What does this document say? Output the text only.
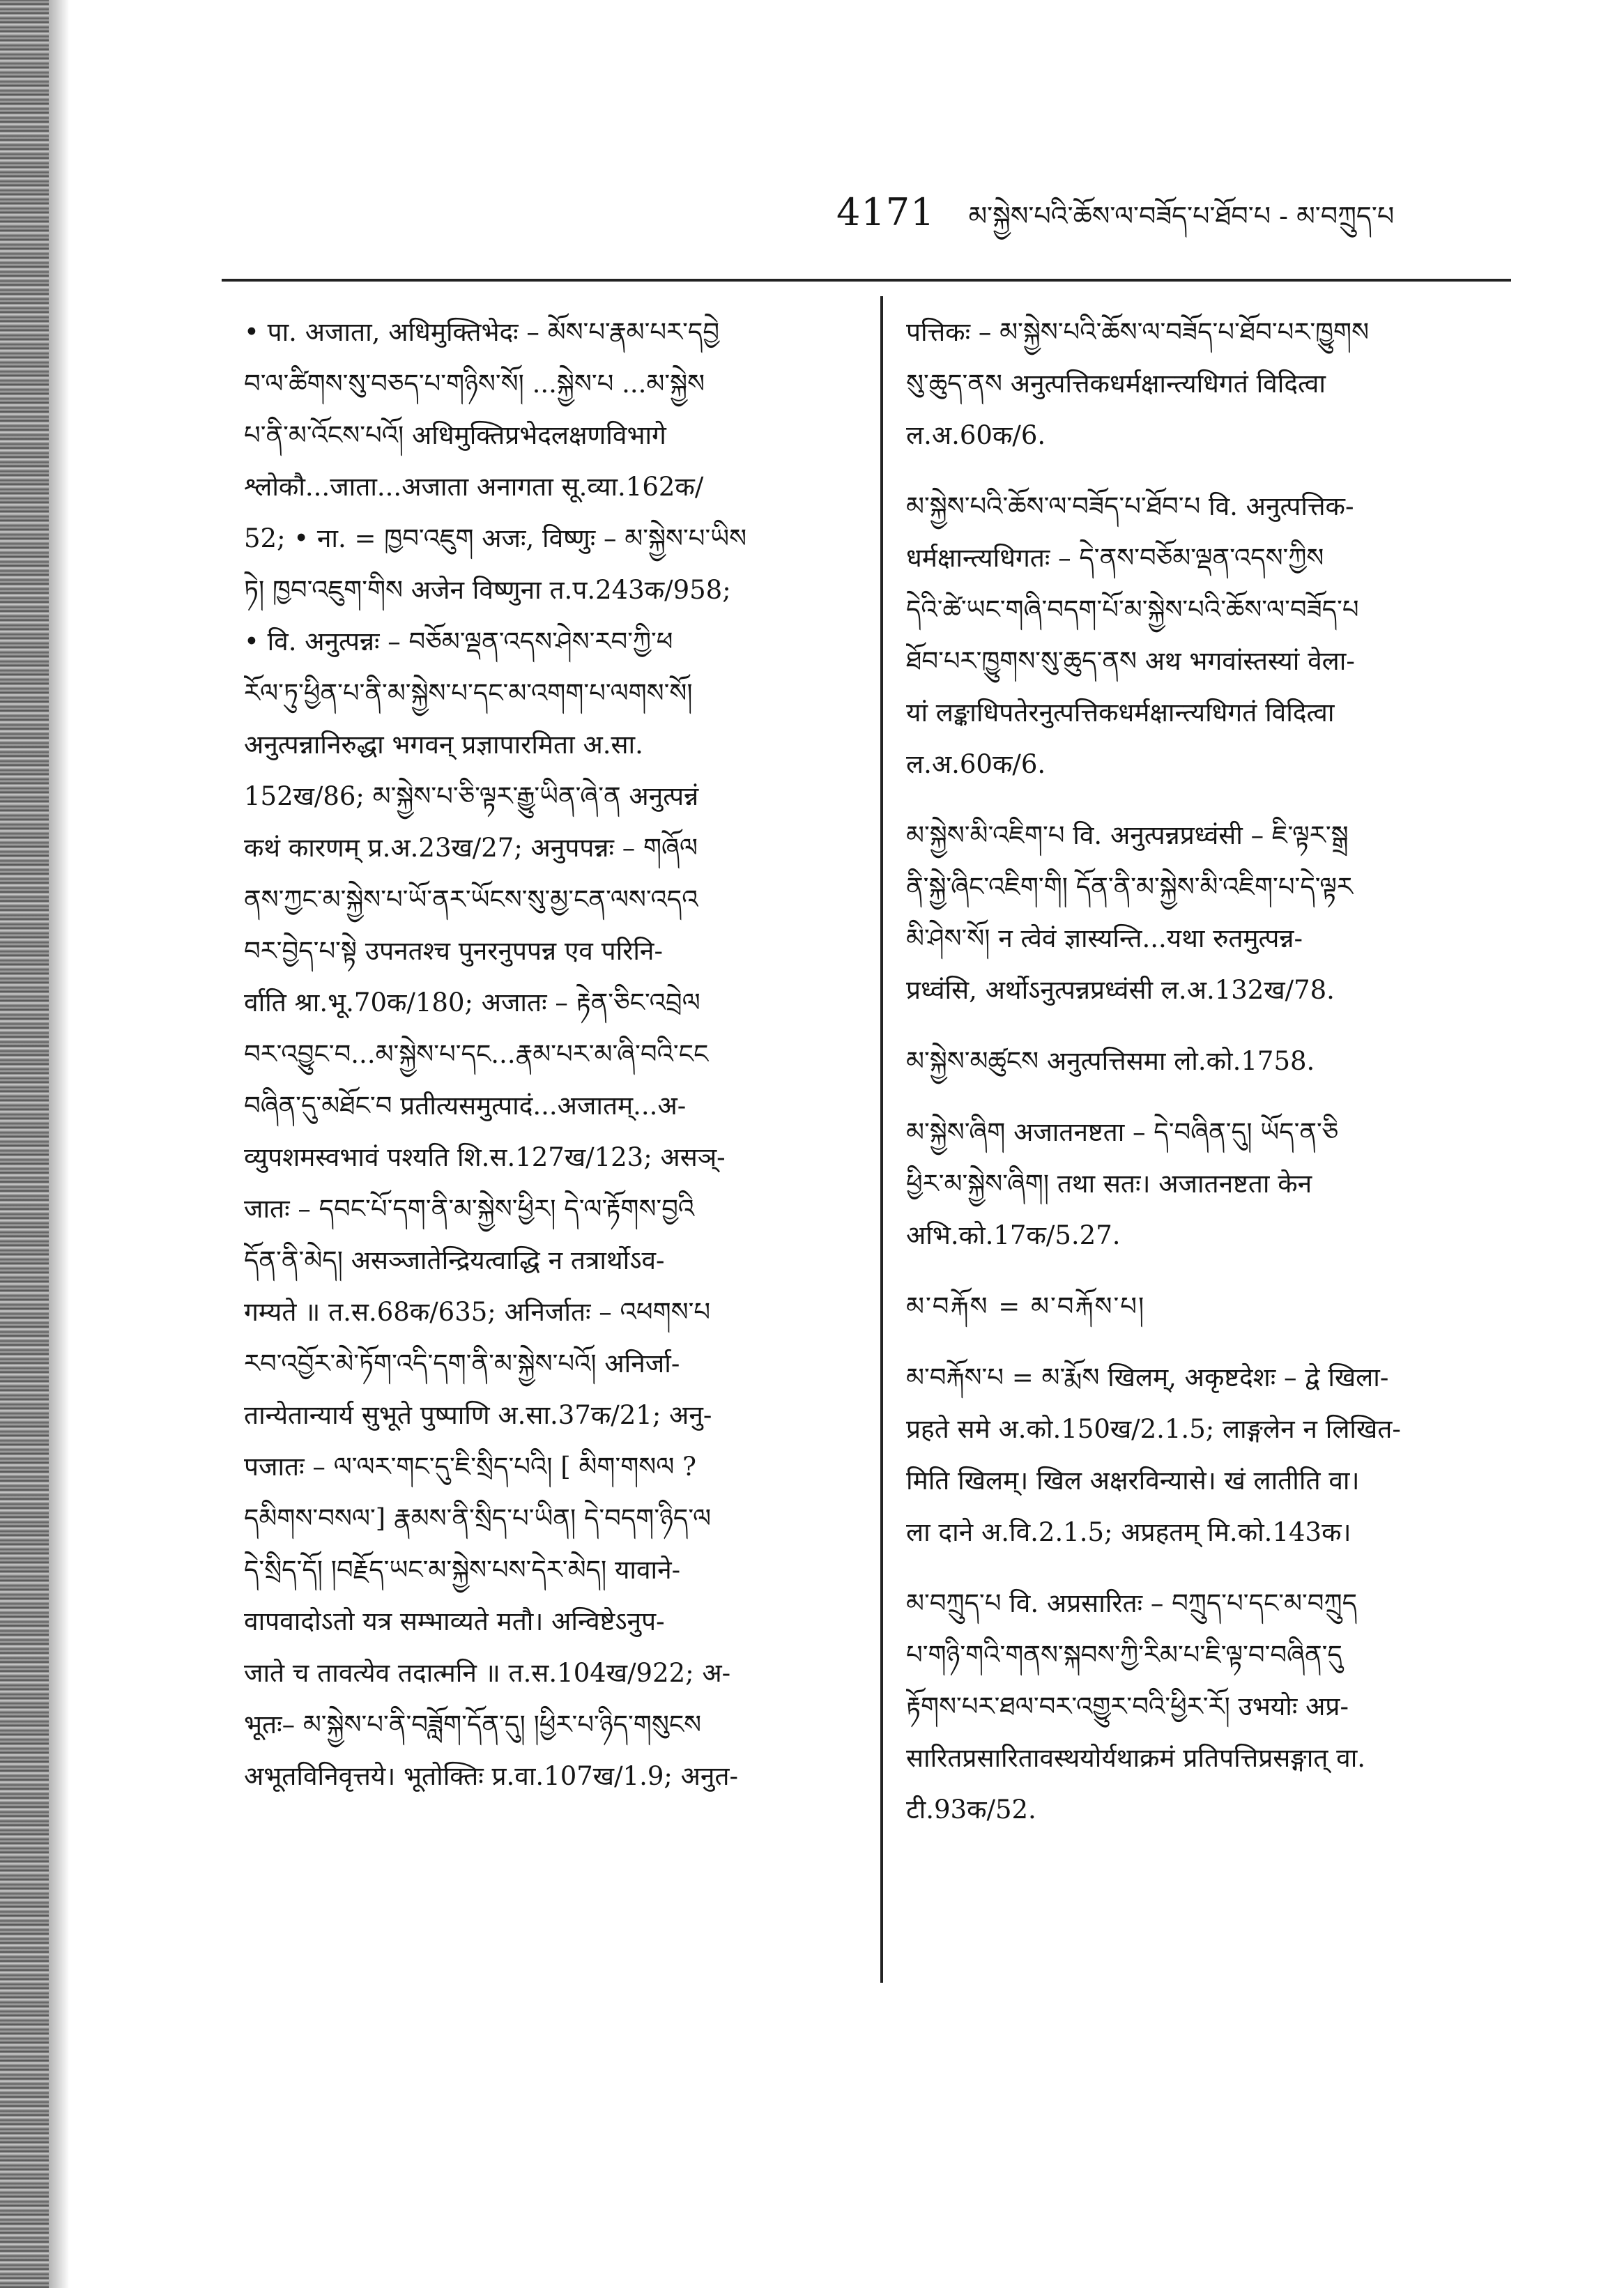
4171 མ་སྐྱེས་པའི་ཆོས་ལ་བཟོད་པ་ཐོབ་པ - མ་བཀྲུད་པ
• पा. अजाता, अधिमुक्तिभेदः – མོས་པ་རྣམ་པར་དབྱེ
བ་ལ་ཚིགས་སུ་བཅད་པ་གཉིས་སོ། ...སྐྱེས་པ ...མ་སྐྱེས
པ་ནི་མ་འོངས་པའོ། अधिमुक्तिप्रभेदलक्षणविभागे
श्लोकौ...जाता...अजाता अनागता सू.व्या.162क/
52; • ना. = ཁྱབ་འཇུག अजः, विष्णुः – མ་སྐྱེས་པ་ཡིས
ཏེ། ཁྱབ་འཇུག་གིས अजेन विष्णुना त.प.243क/958;
• वि. अनुत्पन्नः – བཅོམ་ལྡན་འདས་ཤེས་རབ་ཀྱི་ཕ
རོལ་ཏུ་ཕྱིན་པ་ནི་མ་སྐྱེས་པ་དང་མ་འགག་པ་ལགས་སོ།
अनुत्पन्नानिरुद्धा भगवन् प्रज्ञापारमिता अ.सा.
152ख/86; མ་སྐྱེས་པ་ཅི་ལྟར་རྒྱུ་ཡིན་ཞེ་ན अनुत्पन्नं
कथं कारणम् प्र.अ.23ख/27; अनुपपन्नः – གཞོལ
ནས་ཀྱང་མ་སྐྱེས་པ་ཡོ་ནར་ཡོངས་སུ་མྱ་ངན་ལས་འདའ
བར་བྱེད་པ་སྟེ उपनतश्च पुनरनुपपन्न एव परिनि-
र्वाति श्रा.भू.70क/180; अजातः – རྟེན་ཅིང་འབྲེལ
བར་འབྱུང་བ...མ་སྐྱེས་པ་དང...རྣམ་པར་མ་ཞི་བའི་ངང
བཞིན་དུ་མཐོང་བ प्रतीत्यसमुत्पादं...अजातम्...अ-
व्युपशमस्वभावं पश्यति शि.स.127ख/123; असञ्-
जातः – དབང་པོ་དག་ནི་མ་སྐྱེས་ཕྱིར། དེ་ལ་རྟོགས་བྱའི
དོན་ནི་མེད། असञ्जातेन्द्रियत्वाद्धि न तत्रार्थोऽव-
गम्यते ॥ त.स.68क/635; अनिर्जातः – འཕགས་པ
རབ་འབྱོར་མེ་ཏོག་འདི་དག་ནི་མ་སྐྱེས་པའོ། अनिर्जा-
तान्येतान्यार्य सुभूते पुष्पाणि अ.सा.37क/21; अनु-
पजातः – ལ་ལར་གང་དུ་ཇི་སྲིད་པའི། [ མིག་གསལ ?
དམིགས་བསལ་] རྣམས་ནི་སྲིད་པ་ཡིན། དེ་བདག་ཉིད་ལ
དེ་སྲིད་དོ། །བརྗོད་ཡང་མ་སྐྱེས་པས་དེར་མེད། यावाने-
वापवादोऽतो यत्र सम्भाव्यते मतौ। अन्विष्टेऽनुप-
जाते च तावत्येव तदात्मनि ॥ त.स.104ख/922; अ-
भूतः– མ་སྐྱེས་པ་ནི་བཟློག་དོན་དུ། །ཕྱིར་པ་ཉིད་གསུངས
अभूतविनिवृत्तये। भूतोक्तिः प्र.वा.107ख/1.9; अनुत-
पत्तिकः – མ་སྐྱེས་པའི་ཆོས་ལ་བཟོད་པ་ཐོབ་པར་ཁྱུགས
སུ་ཆུད་ནས अनुत्पत्तिकधर्मक्षान्त्यधिगतं विदित्वा
ल.अ.60क/6.
མ་སྐྱེས་པའི་ཆོས་ལ་བཟོད་པ་ཐོབ་པ वि. अनुत्पत्तिक-
धर्मक्षान्त्यधिगतः – དེ་ནས་བཅོམ་ལྡན་འདས་ཀྱིས
དེའི་ཚེ་ཡང་གཞི་བདག་པོ་མ་སྐྱེས་པའི་ཆོས་ལ་བཟོད་པ
ཐོབ་པར་ཁྱུགས་སུ་ཆུད་ནས अथ भगवांस्तस्यां वेला-
यां लङ्काधिपतेरनुत्पत्तिकधर्मक्षान्त्यधिगतं विदित्वा
ल.अ.60क/6.
མ་སྐྱེས་མི་འཇིག་པ वि. अनुत्पन्नप्रध्वंसी – ཇི་ལྟར་སྒྲ
ནི་སྐྱེ་ཞིང་འཇིག་གི། དོན་ནི་མ་སྐྱེས་མི་འཇིག་པ་དེ་ལྟར
མི་ཤེས་སོ། न त्वेवं ज्ञास्यन्ति...यथा रुतमुत्पन्न-
प्रध्वंसि, अर्थोऽनुत्पन्नप्रध्वंसी ल.अ.132ख/78.
མ་སྐྱེས་མཚུངས अनुत्पत्तिसमा लो.को.1758.
མ་སྐྱེས་ཞིག अजातनष्टता – དེ་བཞིན་དུ། ཡོད་ན་ཅི
ཕྱིར་མ་སྐྱེས་ཞིག། तथा सतः। अजातनष्टता केन
अभि.को.17क/5.27.
མ་བརྐོས = མ་བརྐོས་པ།
མ་བརྐོས་པ = མ་རྨོས खिलम्, अकृष्टदेशः – द्वे खिला-
प्रहते समे अ.को.150ख/2.1.5; लाङ्गलेन न लिखित-
मिति खिलम्। खिल अक्षरविन्यासे। खं लातीति वा।
ला दाने अ.वि.2.1.5; अप्रहतम् मि.को.143क।
མ་བཀྲུད་པ वि. अप्रसारितः – བཀྲུད་པ་དང་མ་བཀྲུད
པ་གཉི་གའི་གནས་སྐབས་ཀྱི་རིམ་པ་ཇི་ལྟ་བ་བཞིན་དུ
རྟོགས་པར་ཐལ་བར་འགྱུར་བའི་ཕྱིར་རོ། उभयोः अप्र-
सारितप्रसारितावस्थयोर्यथाक्रमं प्रतिपत्तिप्रसङ्गात् वा.
टी.93क/52.
